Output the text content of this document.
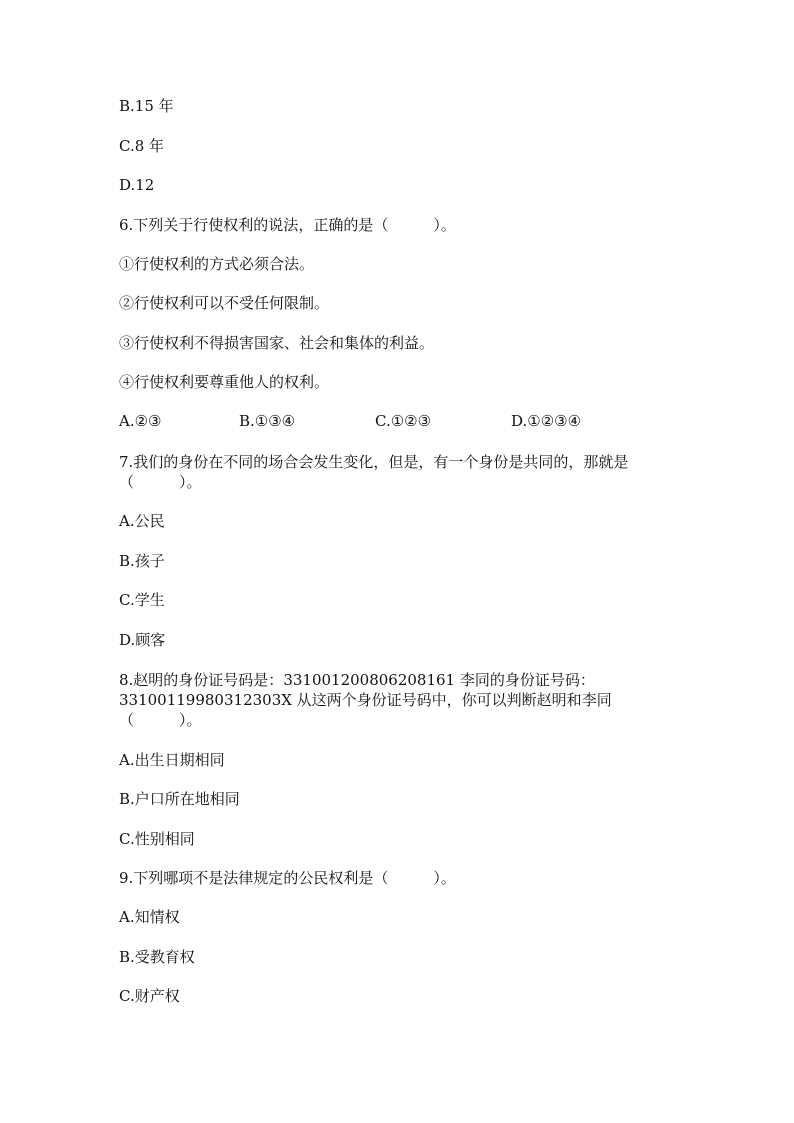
B.15 年
C.8 年
D.12
6.下列关于行使权利的说法，正确的是（　　　）。
①行使权利的方式必须合法。
②行使权利可以不受任何限制。
③行使权利不得损害国家、社会和集体的利益。
④行使权利要尊重他人的权利。
A.②③	B.①③④	C.①②③	D.①②③④
7.我们的身份在不同的场合会发生变化，但是，有一个身份是共同的，那就是
（　　　）。
A.公民
B.孩子
C.学生
D.顾客
8.赵明的身份证号码是：331001200806208161 李同的身份证号码：
33100119980312303X 从这两个身份证号码中，你可以判断赵明和李同
（　　　）。
A.出生日期相同
B.户口所在地相同
C.性别相同
9.下列哪项不是法律规定的公民权利是（　　　）。
A.知情权
B.受教育权
C.财产权
